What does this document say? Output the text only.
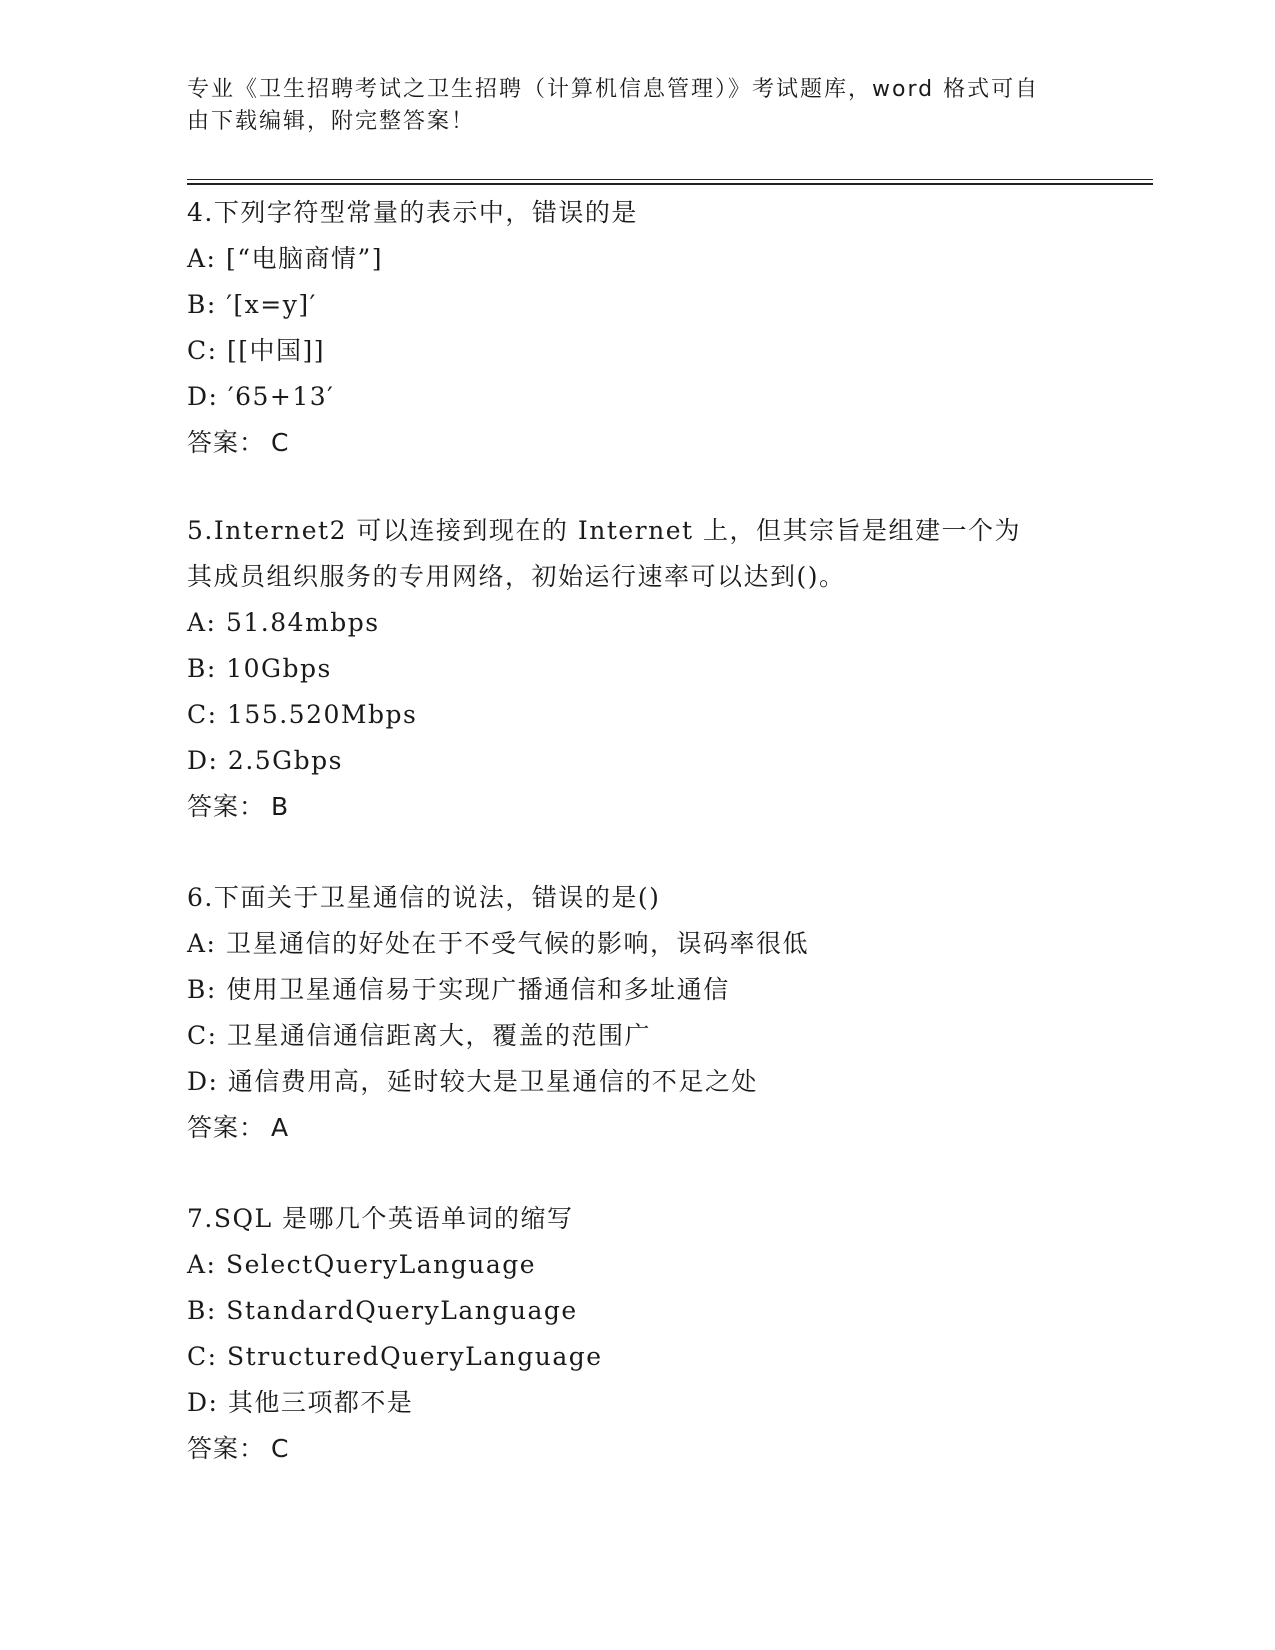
专业《卫生招聘考试之卫生招聘（计算机信息管理）》考试题库，word 格式可自
由下载编辑，附完整答案！
4.下列字符型常量的表示中，错误的是
A: [“电脑商情”]
B: ′[x=y]′
C: [[中国]]
D: ′65+13′
答案： C
5.Internet2 可以连接到现在的 Internet 上，但其宗旨是组建一个为
其成员组织服务的专用网络，初始运行速率可以达到()。
A: 51.84mbps
B: 10Gbps
C: 155.520Mbps
D: 2.5Gbps
答案： B
6.下面关于卫星通信的说法，错误的是()
A: 卫星通信的好处在于不受气候的影响，误码率很低
B: 使用卫星通信易于实现广播通信和多址通信
C: 卫星通信通信距离大，覆盖的范围广
D: 通信费用高，延时较大是卫星通信的不足之处
答案： A
7.SQL 是哪几个英语单词的缩写
A: SelectQueryLanguage
B: StandardQueryLanguage
C: StructuredQueryLanguage
D: 其他三项都不是
答案： C
